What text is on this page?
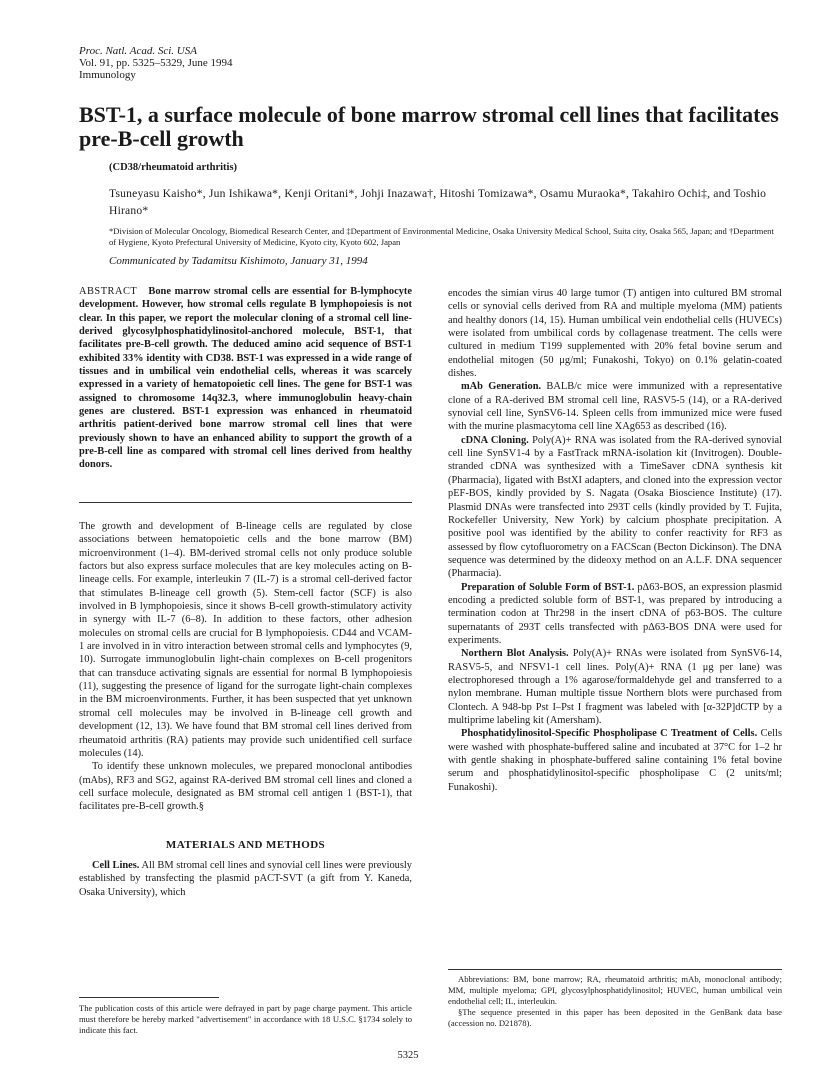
Proc. Natl. Acad. Sci. USA
Vol. 91, pp. 5325–5329, June 1994
Immunology
BST-1, a surface molecule of bone marrow stromal cell lines that facilitates pre-B-cell growth
(CD38/rheumatoid arthritis)
Tsuneyasu Kaisho*, Jun Ishikawa*, Kenji Oritani*, Johji Inazawa†, Hitoshi Tomizawa*, Osamu Muraoka*, Takahiro Ochi‡, and Toshio Hirano*
*Division of Molecular Oncology, Biomedical Research Center, and ‡Department of Environmental Medicine, Osaka University Medical School, Suita city, Osaka 565, Japan; and †Department of Hygiene, Kyoto Prefectural University of Medicine, Kyoto city, Kyoto 602, Japan
Communicated by Tadamitsu Kishimoto, January 31, 1994

ABSTRACT Bone marrow stromal cells are essential for B-lymphocyte development. However, how stromal cells regulate B lymphopoiesis is not clear. In this paper, we report the molecular cloning of a stromal cell line-derived glycosylphosphatidylinositol-anchored molecule, BST-1, that facilitates pre-B-cell growth. The deduced amino acid sequence of BST-1 exhibited 33% identity with CD38. BST-1 was expressed in a wide range of tissues and in umbilical vein endothelial cells, whereas it was scarcely expressed in a variety of hematopoietic cell lines. The gene for BST-1 was assigned to chromosome 14q32.3, where immunoglobulin heavy-chain genes are clustered. BST-1 expression was enhanced in rheumatoid arthritis patient-derived bone marrow stromal cell lines that were previously shown to have an enhanced ability to support the growth of a pre-B-cell line as compared with stromal cell lines derived from healthy donors.

The growth and development of B-lineage cells are regulated by close associations between hematopoietic cells and the bone marrow (BM) microenvironment (1–4). BM-derived stromal cells not only produce soluble factors but also express surface molecules that are key molecules acting on B-lineage cells. For example, interleukin 7 (IL-7) is a stromal cell-derived factor that stimulates B-lineage cell growth (5). Stem-cell factor (SCF) is also involved in B lymphopoiesis, since it shows B-cell growth-stimulatory activity in synergy with IL-7 (6–8). In addition to these factors, other adhesion molecules on stromal cells are crucial for B lymphopoiesis. CD44 and VCAM-1 are involved in in vitro interaction between stromal cells and lymphocytes (9, 10). Surrogate immunoglobulin light-chain complexes on B-cell progenitors that can transduce activating signals are essential for normal B lymphopoiesis (11), suggesting the presence of ligand for the surrogate light-chain complexes in the BM microenvironments. Further, it has been suspected that yet unknown stromal cell molecules may be involved in B-lineage cell growth and development (12, 13). We have found that BM stromal cell lines derived from rheumatoid arthritis (RA) patients may provide such unidentified cell surface molecules (14).

To identify these unknown molecules, we prepared monoclonal antibodies (mAbs), RF3 and SG2, against RA-derived BM stromal cell lines and cloned a cell surface molecule, designated as BM stromal cell antigen 1 (BST-1), that facilitates pre-B-cell growth.§

MATERIALS AND METHODS

Cell Lines. All BM stromal cell lines and synovial cell lines were previously established by transfecting the plasmid pACT-SVT (a gift from Y. Kaneda, Osaka University), which

The publication costs of this article were defrayed in part by page charge payment. This article must therefore be hereby marked "advertisement" in accordance with 18 U.S.C. §1734 solely to indicate this fact.

encodes the simian virus 40 large tumor (T) antigen into cultured BM stromal cells or synovial cells derived from RA and multiple myeloma (MM) patients and healthy donors (14, 15). Human umbilical vein endothelial cells (HUVECs) were isolated from umbilical cords by collagenase treatment. The cells were cultured in medium T199 supplemented with 20% fetal bovine serum and endothelial mitogen (50 μg/ml; Funakoshi, Tokyo) on 0.1% gelatin-coated dishes.

mAb Generation. BALB/c mice were immunized with a representative clone of a RA-derived BM stromal cell line, RASV5-5 (14), or a RA-derived synovial cell line, SynSV6-14. Spleen cells from immunized mice were fused with the murine plasmacytoma cell line XAg653 as described (16).

cDNA Cloning. Poly(A)+ RNA was isolated from the RA-derived synovial cell line SynSV1-4 by a FastTrack mRNA-isolation kit (Invitrogen). Double-stranded cDNA was synthesized with a TimeSaver cDNA synthesis kit (Pharmacia), ligated with BstXI adapters, and cloned into the expression vector pEF-BOS, kindly provided by S. Nagata (Osaka Bioscience Institute) (17). Plasmid DNAs were transfected into 293T cells (kindly provided by T. Fujita, Rockefeller University, New York) by calcium phosphate precipitation. A positive pool was identified by the ability to confer reactivity for RF3 as assessed by flow cytofluorometry on a FACScan (Becton Dickinson). The DNA sequence was determined by the dideoxy method on an A.L.F. DNA sequencer (Pharmacia).

Preparation of Soluble Form of BST-1. pΔ63-BOS, an expression plasmid encoding a predicted soluble form of BST-1, was prepared by introducing a termination codon at Thr298 in the insert cDNA of p63-BOS. The culture supernatants of 293T cells transfected with pΔ63-BOS DNA were used for experiments.

Northern Blot Analysis. Poly(A)+ RNAs were isolated from SynSV6-14, RASV5-5, and NFSV1-1 cell lines. Poly(A)+ RNA (1 μg per lane) was electrophoresed through a 1% agarose/formaldehyde gel and transferred to a nylon membrane. Human multiple tissue Northern blots were purchased from Clontech. A 948-bp Pst I–Pst I fragment was labeled with [α-32P]dCTP by a multiprime labeling kit (Amersham).

Phosphatidylinositol-Specific Phospholipase C Treatment of Cells. Cells were washed with phosphate-buffered saline and incubated at 37°C for 1–2 hr with gentle shaking in phosphate-buffered saline containing 1% fetal bovine serum and phosphatidylinositol-specific phospholipase C (2 units/ml; Funakoshi).

Abbreviations: BM, bone marrow; RA, rheumatoid arthritis; mAb, monoclonal antibody; MM, multiple myeloma; GPI, glycosylphosphatidylinositol; HUVEC, human umbilical vein endothelial cell; IL, interleukin.
§The sequence presented in this paper has been deposited in the GenBank data base (accession no. D21878).
5325
